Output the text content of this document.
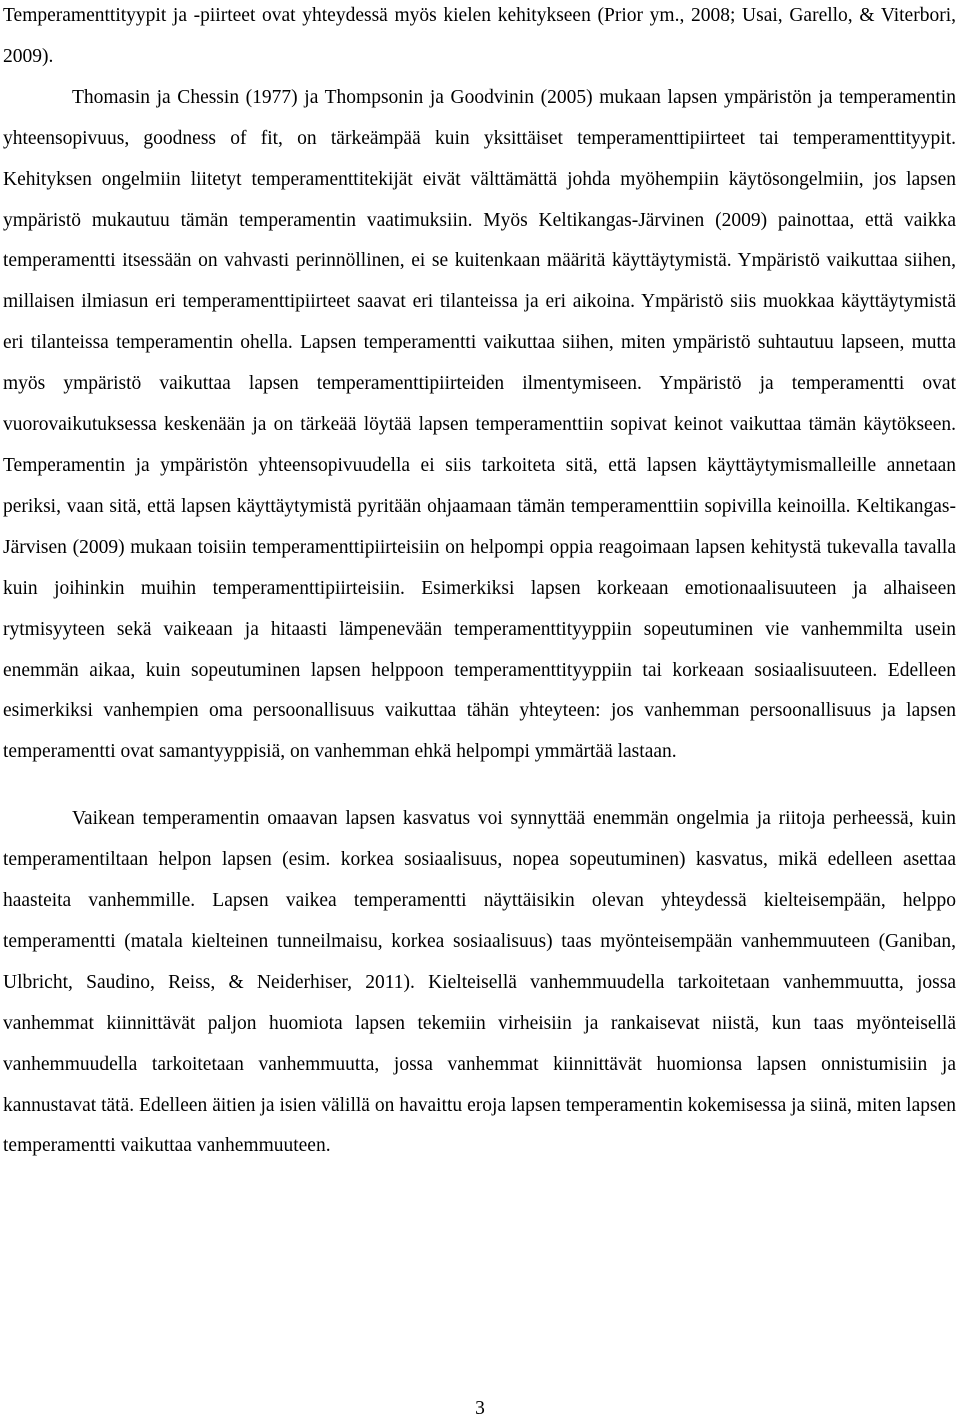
Temperamenttityypit ja -piirteet ovat yhteydessä myös kielen kehitykseen (Prior ym., 2008; Usai, Garello, & Viterbori, 2009).

Thomasin ja Chessin (1977) ja Thompsonin ja Goodvinin (2005) mukaan lapsen ympäristön ja temperamentin yhteensopivuus, goodness of fit, on tärkeämpää kuin yksittäiset temperamenttipiirteet tai temperamenttityypit. Kehityksen ongelmiin liitetyt temperamenttitekijät eivät välttämättä johda myöhempiin käytösongelmiin, jos lapsen ympäristö mukautuu tämän temperamentin vaatimuksiin. Myös Keltikangas-Järvinen (2009) painottaa, että vaikka temperamentti itsessään on vahvasti perinnöllinen, ei se kuitenkaan määritä käyttäytymistä. Ympäristö vaikuttaa siihen, millaisen ilmiasun eri temperamenttipiirteet saavat eri tilanteissa ja eri aikoina. Ympäristö siis muokkaa käyttäytymistä eri tilanteissa temperamentin ohella. Lapsen temperamentti vaikuttaa siihen, miten ympäristö suhtautuu lapseen, mutta myös ympäristö vaikuttaa lapsen temperamenttipiirteiden ilmentymiseen. Ympäristö ja temperamentti ovat vuorovaikutuksessa keskenään ja on tärkeää löytää lapsen temperamenttiin sopivat keinot vaikuttaa tämän käytökseen. Temperamentin ja ympäristön yhteensopivuudella ei siis tarkoiteta sitä, että lapsen käyttäytymismalleille annetaan periksi, vaan sitä, että lapsen käyttäytymistä pyritään ohjaamaan tämän temperamenttiin sopivilla keinoilla. Keltikangas-Järvisen (2009) mukaan toisiin temperamenttipiirteisiin on helpompi oppia reagoimaan lapsen kehitystä tukevalla tavalla kuin joihinkin muihin temperamenttipiirteisiin. Esimerkiksi lapsen korkeaan emotionaalisuuteen ja alhaiseen rytmisyyteen sekä vaikeaan ja hitaasti lämpenevään temperamenttityyppiin sopeutuminen vie vanhemmilta usein enemmän aikaa, kuin sopeutuminen lapsen helppoon temperamenttityyppiin tai korkeaan sosiaalisuuteen. Edelleen esimerkiksi vanhempien oma persoonallisuus vaikuttaa tähän yhteyteen: jos vanhemman persoonallisuus ja lapsen temperamentti ovat samantyyppisiä, on vanhemman ehkä helpompi ymmärtää lastaan.

Vaikean temperamentin omaavan lapsen kasvatus voi synnyttää enemmän ongelmia ja riitoja perheessä, kuin temperamentiltaan helpon lapsen (esim. korkea sosiaalisuus, nopea sopeutuminen) kasvatus, mikä edelleen asettaa haasteita vanhemmille. Lapsen vaikea temperamentti näyttäisikin olevan yhteydessä kielteisempään, helppo temperamentti (matala kielteinen tunneilmaisu, korkea sosiaalisuus) taas myönteisempään vanhemmuuteen (Ganiban, Ulbricht, Saudino, Reiss, & Neiderhiser, 2011). Kielteisellä vanhemmuudella tarkoitetaan vanhemmuutta, jossa vanhemmat kiinnittävät paljon huomiota lapsen tekemiin virheisiin ja rankaisevat niistä, kun taas myönteisellä vanhemmuudella tarkoitetaan vanhemmuutta, jossa vanhemmat kiinnittävät huomionsa lapsen onnistumisiin ja kannustavat tätä. Edelleen äitien ja isien välillä on havaittu eroja lapsen temperamentin kokemisessa ja siinä, miten lapsen temperamentti vaikuttaa vanhemmuuteen.

3
